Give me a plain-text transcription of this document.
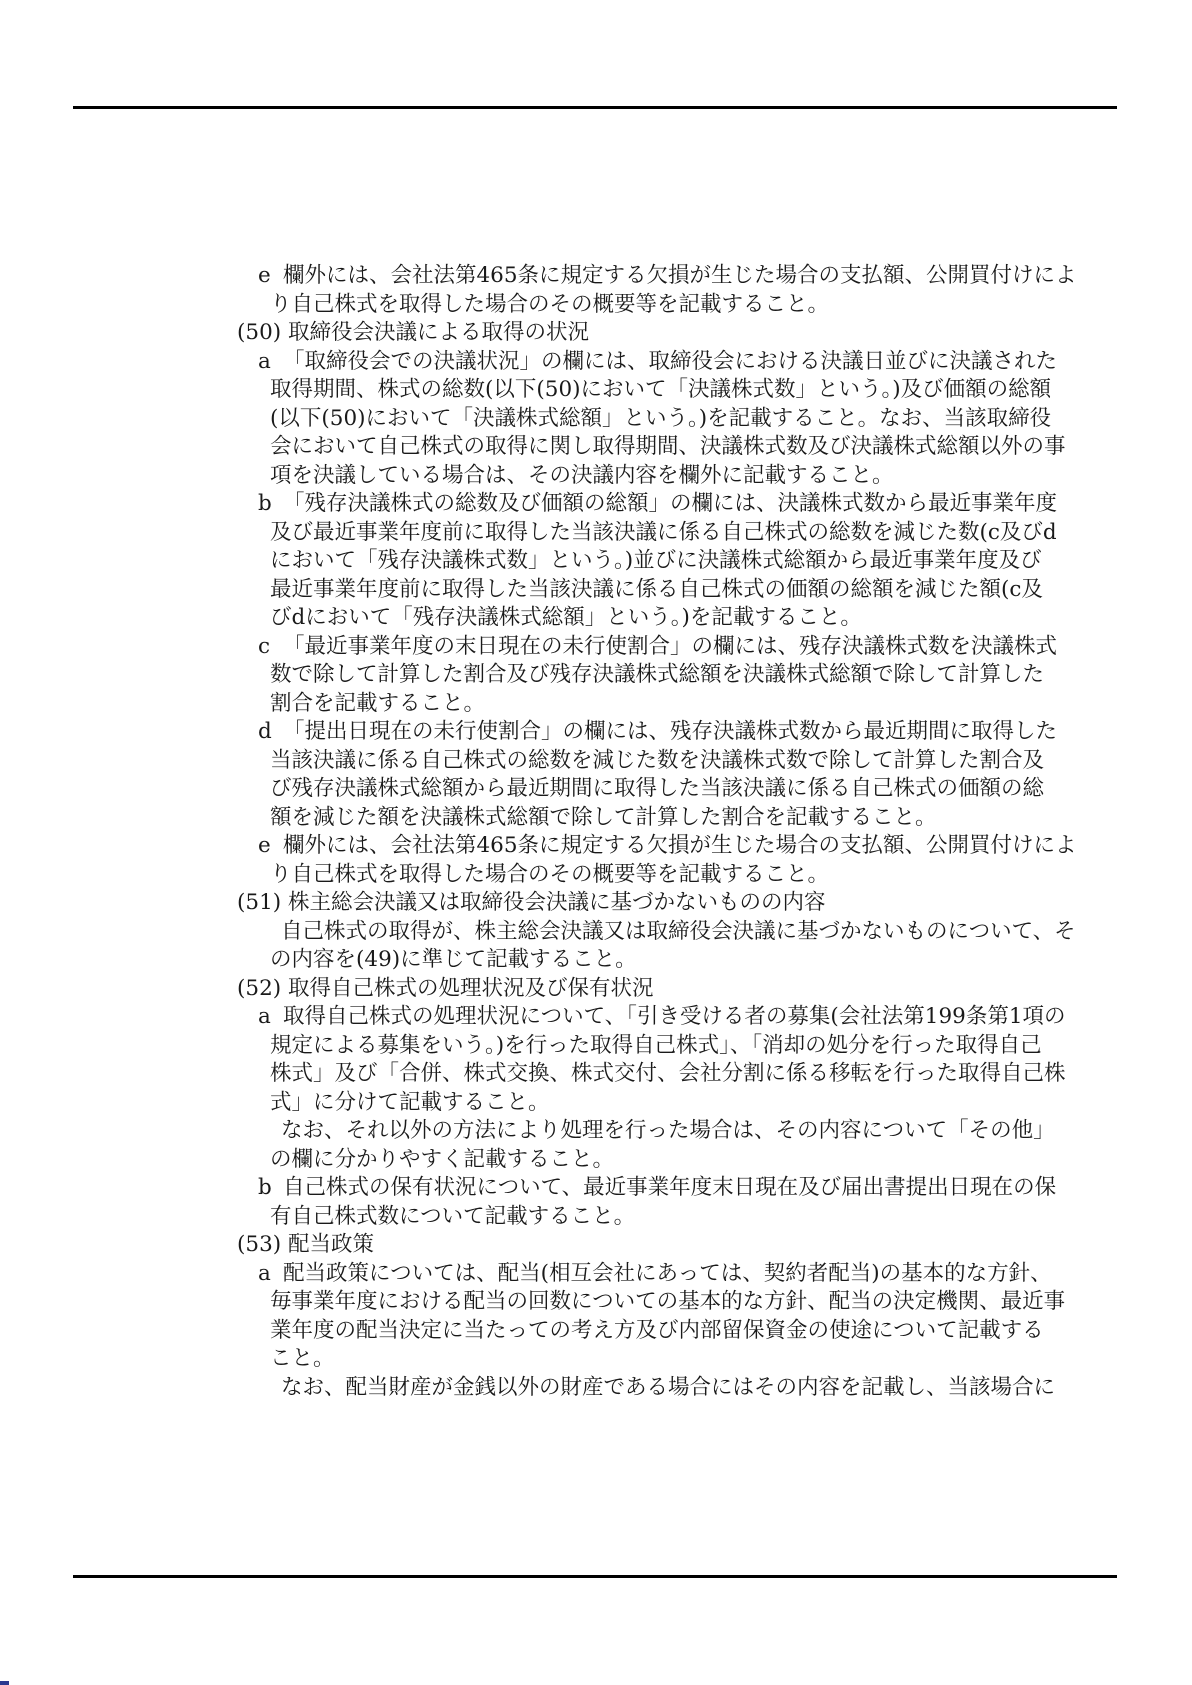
e 欄外には、会社法第465条に規定する欠損が生じた場合の支払額、公開買付けによ
り自己株式を取得した場合のその概要等を記載すること。
(50) 取締役会決議による取得の状況
a 「取締役会での決議状況」の欄には、取締役会における決議日並びに決議された
取得期間、株式の総数(以下(50)において「決議株式数」という。)及び価額の総額
(以下(50)において「決議株式総額」という。)を記載すること。なお、当該取締役
会において自己株式の取得に関し取得期間、決議株式数及び決議株式総額以外の事
項を決議している場合は、その決議内容を欄外に記載すること。
b 「残存決議株式の総数及び価額の総額」の欄には、決議株式数から最近事業年度
及び最近事業年度前に取得した当該決議に係る自己株式の総数を減じた数(c及びd
において「残存決議株式数」という。)並びに決議株式総額から最近事業年度及び
最近事業年度前に取得した当該決議に係る自己株式の価額の総額を減じた額(c及
びdにおいて「残存決議株式総額」という。)を記載すること。
c 「最近事業年度の末日現在の未行使割合」の欄には、残存決議株式数を決議株式
数で除して計算した割合及び残存決議株式総額を決議株式総額で除して計算した
割合を記載すること。
d 「提出日現在の未行使割合」の欄には、残存決議株式数から最近期間に取得した
当該決議に係る自己株式の総数を減じた数を決議株式数で除して計算した割合及
び残存決議株式総額から最近期間に取得した当該決議に係る自己株式の価額の総
額を減じた額を決議株式総額で除して計算した割合を記載すること。
e 欄外には、会社法第465条に規定する欠損が生じた場合の支払額、公開買付けによ
り自己株式を取得した場合のその概要等を記載すること。
(51) 株主総会決議又は取締役会決議に基づかないものの内容
自己株式の取得が、株主総会決議又は取締役会決議に基づかないものについて、そ
の内容を(49)に準じて記載すること。
(52) 取得自己株式の処理状況及び保有状況
a 取得自己株式の処理状況について、「引き受ける者の募集(会社法第199条第1項の
規定による募集をいう。)を行った取得自己株式」、「消却の処分を行った取得自己
株式」及び「合併、株式交換、株式交付、会社分割に係る移転を行った取得自己株
式」に分けて記載すること。
なお、それ以外の方法により処理を行った場合は、その内容について「その他」
の欄に分かりやすく記載すること。
b 自己株式の保有状況について、最近事業年度末日現在及び届出書提出日現在の保
有自己株式数について記載すること。
(53) 配当政策
a 配当政策については、配当(相互会社にあっては、契約者配当)の基本的な方針、
毎事業年度における配当の回数についての基本的な方針、配当の決定機関、最近事
業年度の配当決定に当たっての考え方及び内部留保資金の使途について記載する
こと。
なお、配当財産が金銭以外の財産である場合にはその内容を記載し、当該場合に
